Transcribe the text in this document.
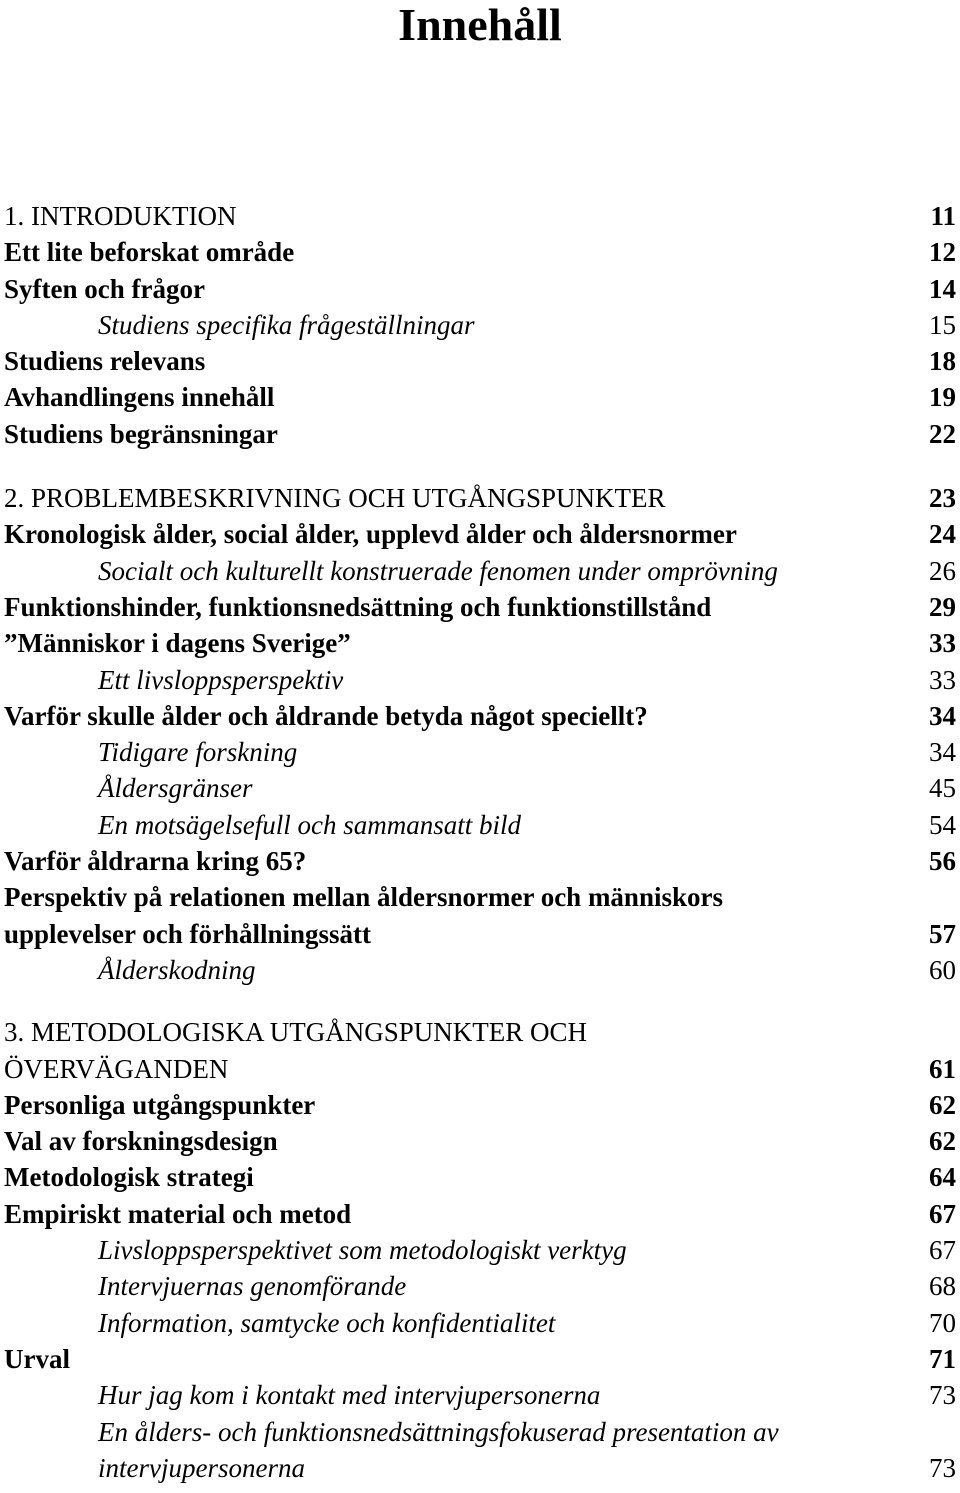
Innehåll
1. INTRODUKTION	11
Ett lite beforskat område	12
Syften och frågor	14
Studiens specifika frågeställningar	15
Studiens relevans	18
Avhandlingens innehåll	19
Studiens begränsningar	22
2. PROBLEMBESKRIVNING OCH UTGÅNGSPUNKTER	23
Kronologisk ålder, social ålder, upplevd ålder och åldersnormer	24
Socialt och kulturellt konstruerade fenomen under omprövning	26
Funktionshinder, funktionsnedsättning och funktionstillstånd	29
”Människor i dagens Sverige”	33
Ett livsloppsperspektiv	33
Varför skulle ålder och åldrande betyda något speciellt?	34
Tidigare forskning	34
Åldersgränser	45
En motsägelsefull och sammansatt bild	54
Varför åldrarna kring 65?	56
Perspektiv på relationen mellan åldersnormer och människors
upplevelser och förhållningssätt	57
Ålderskodning	60
3. METODOLOGISKA UTGÅNGSPUNKTER OCH
ÖVERVÄGANDEN	61
Personliga utgångspunkter	62
Val av forskningsdesign	62
Metodologisk strategi	64
Empiriskt material och metod	67
Livsloppsperspektivet som metodologiskt verktyg	67
Intervjuernas genomförande	68
Information, samtycke och konfidentialitet	70
Urval	71
Hur jag kom i kontakt med intervjupersonerna	73
En ålders- och funktionsnedsättningsfokuserad presentation av
intervjupersonerna	73
